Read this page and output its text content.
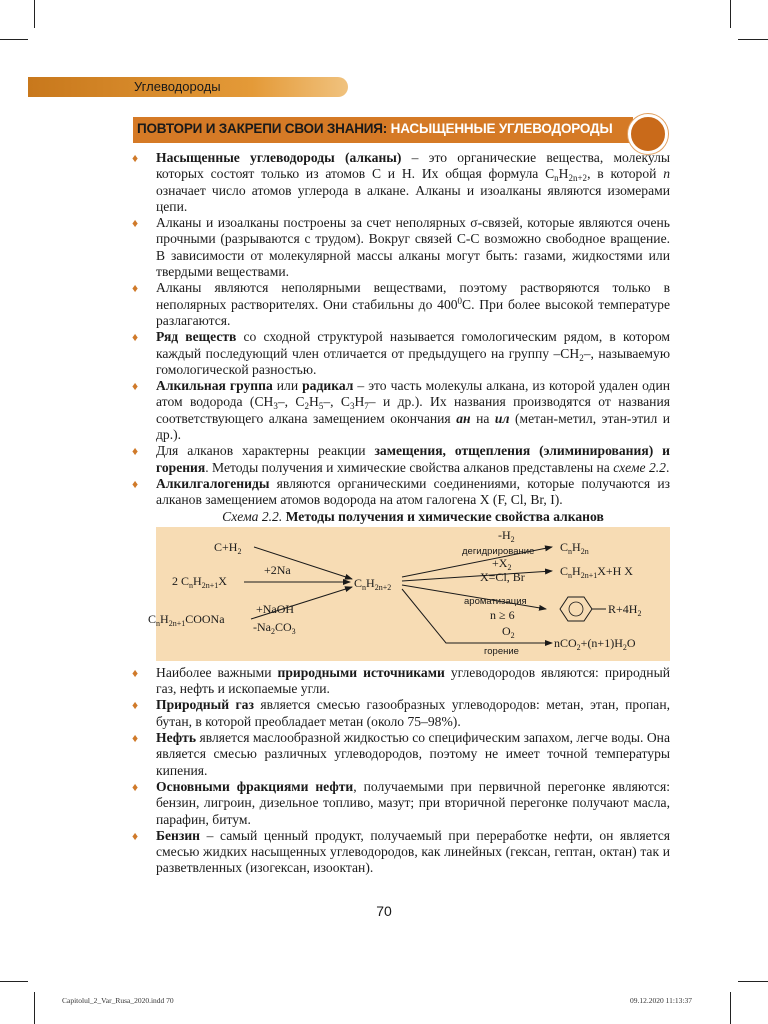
Углеводороды
ПОВТОРИ И ЗАКРЕПИ СВОИ ЗНАНИЯ: НАСЫЩЕННЫЕ УГЛЕВОДОРОДЫ
♦ Насыщенные углеводороды (алканы) – это органические вещества, молекулы которых состоят только из атомов С и Н. Их общая формула $С_nН_{2n+2}$, в которой n означает число атомов углерода в алкане. Алканы и изоалканы являются изомерами цепи.
♦ Алканы и изоалканы построены за счет неполярных σ-связей, которые являются очень прочными (разрываются с трудом). Вокруг связей С-С возможно свободное вращение. В зависимости от молекулярной массы алканы могут быть: газами, жидкостями или твердыми веществами.
♦ Алканы являются неполярными веществами, поэтому растворяются только в неполярных растворителях. Они стабильны до $400^0С$. При более высокой температуре разлагаются.
♦ Ряд веществ со сходной структурой называется гомологическим рядом, в котором каждый последующий член отличается от предыдущего на группу $-CH_2-$, называемую гомологической разностью.
♦ Алкильная группа или радикал – это часть молекулы алкана, из которой удален один атом водорода ($CH_3-$, $C_2H_5-$, $C_3H_7-$ и др.). Их названия производятся от названия соответствующего алкана замещением окончания ан на ил (метан-метил, этан-этил и др.).
♦ Для алканов характерны реакции замещения, отщепления (элиминирования) и горения. Методы получения и химические свойства алканов представлены на схеме 2.2.
♦ Алкилгалогениды являются органическими соединениями, которые получаются из алканов замещением атомов водорода на атом галогена X (F, Cl, Br, I).
Схема 2.2. Методы получения и химические свойства алканов
$C+H_2$
2 $C_nH_{2n+1}X$
+2Na
$C_nH_{2n+1}COONa$
+NaOH
$-Na_2CO_3$
$C_nH_{2n+2}$
$-H_2$
дегидрирование $C_nH_{2n}$
$+X_2$
X=Cl, Br	$C_nH_{2n+1}X+H$ X
ароматизация
n ≥ 6	$R+4H_2$
$O_2$
горение
$nCO_2+(n+1)H_2O$
♦ Наиболее важными природными источниками углеводородов являются: природный газ, нефть и ископаемые угли.
♦ Природный газ является смесью газообразных углеводородов: метан, этан, пропан, бутан, в которой преобладает метан (около 75–98%).
♦ Нефть является маслообразной жидкостью со специфическим запахом, легче воды. Она является смесью различных углеводородов, поэтому не имеет точной температуры кипения.
♦ Основными фракциями нефти, получаемыми при первичной перегонке являются: бензин, лигроин, дизельное топливо, мазут; при вторичной перегонке получают масла, парафин, битум.
♦ Бензин – самый ценный продукт, получаемый при переработке нефти, он является смесью жидких насыщенных углеводородов, как линейных (гексан, гептан, октан) так и разветвленных (изогексан, изооктан).
70
Capitolul_2_Var_Rusa_2020.indd 70	09.12.2020 11:13:37
